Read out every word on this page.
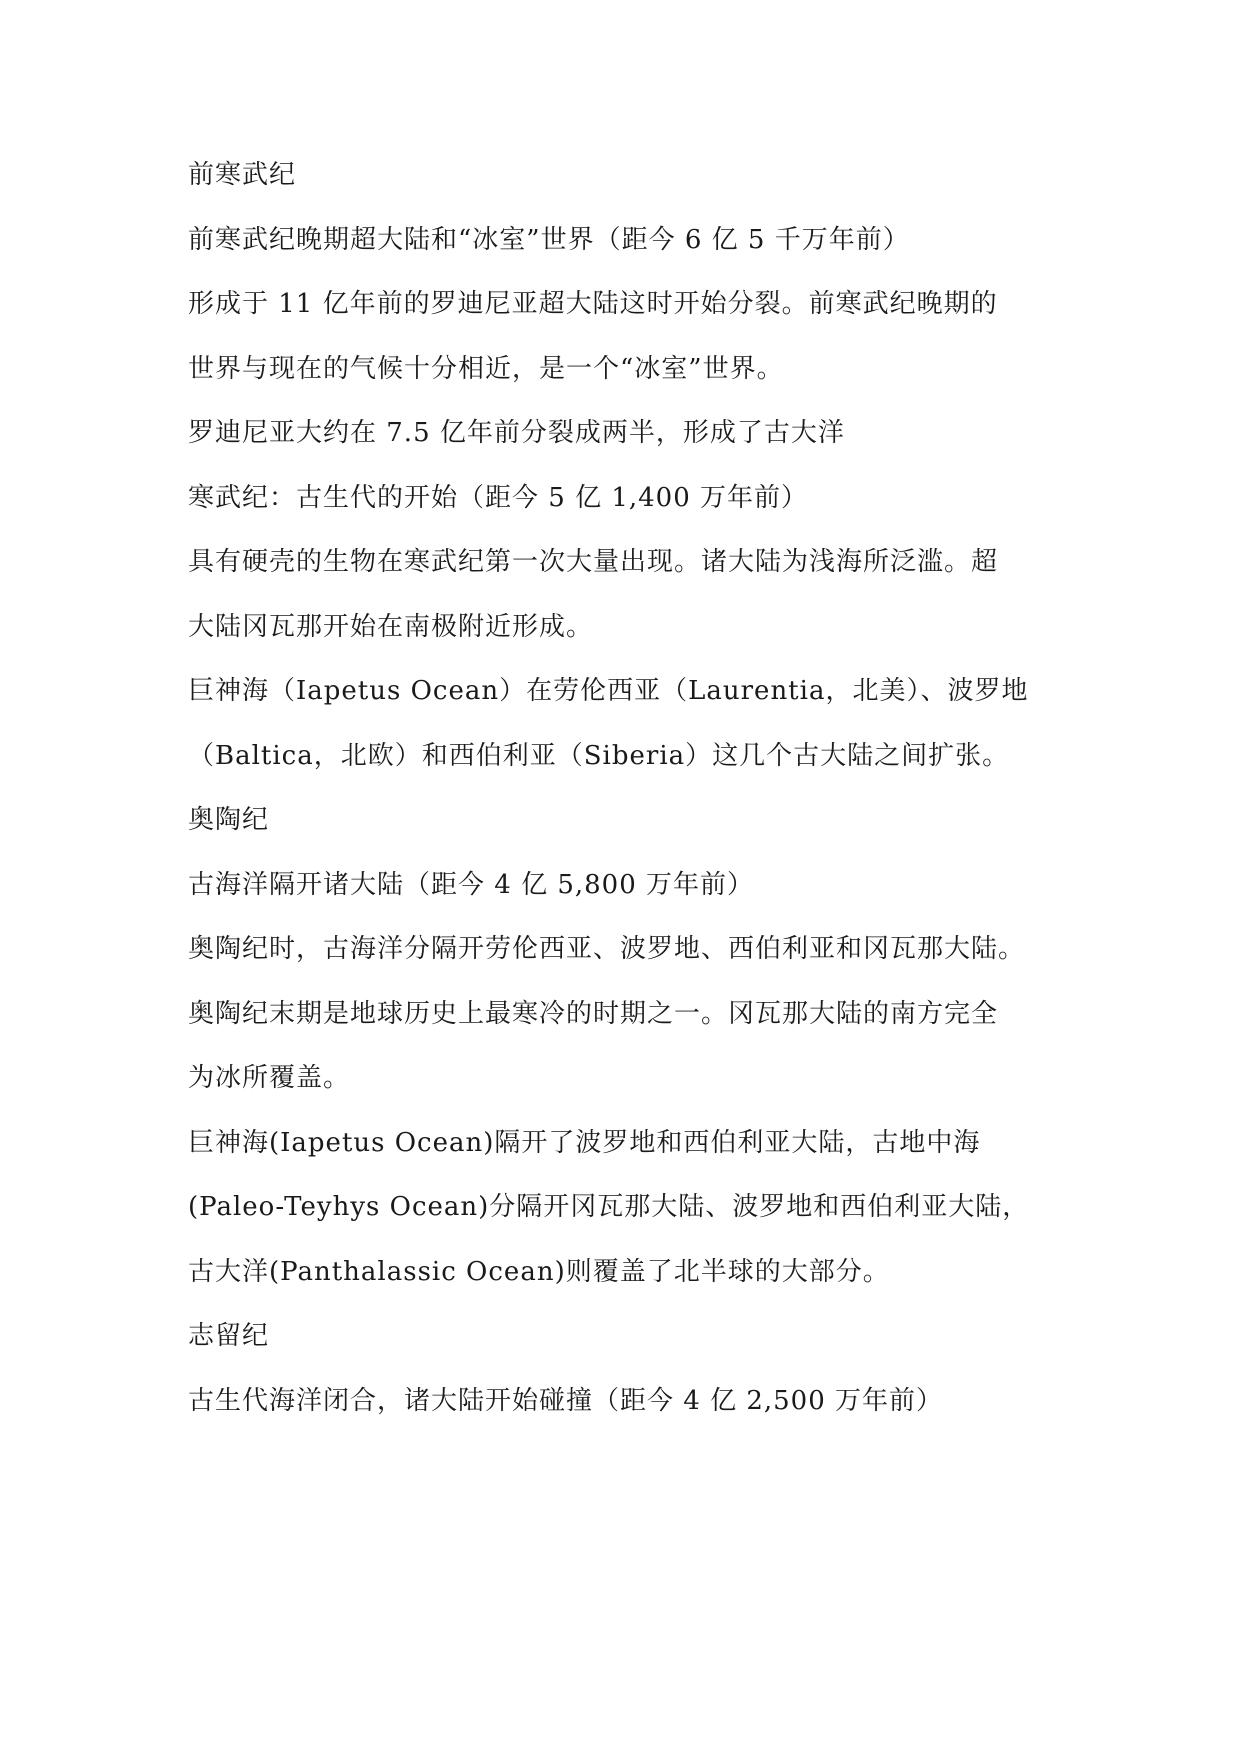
前寒武纪

前寒武纪晚期超大陆和“冰室”世界（距今 6 亿 5 千万年前）

形成于 11 亿年前的罗迪尼亚超大陆这时开始分裂。前寒武纪晚期的

世界与现在的气候十分相近，是一个“冰室”世界。

罗迪尼亚大约在 7.5 亿年前分裂成两半，形成了古大洋

寒武纪：古生代的开始（距今 5 亿 1,400 万年前）

具有硬壳的生物在寒武纪第一次大量出现。诸大陆为浅海所泛滥。超

大陆冈瓦那开始在南极附近形成。

巨神海（Iapetus Ocean）在劳伦西亚（Laurentia，北美）、波罗地

（Baltica，北欧）和西伯利亚（Siberia）这几个古大陆之间扩张。

奥陶纪

古海洋隔开诸大陆（距今 4 亿 5,800 万年前）

奥陶纪时，古海洋分隔开劳伦西亚、波罗地、西伯利亚和冈瓦那大陆。

奥陶纪末期是地球历史上最寒冷的时期之一。冈瓦那大陆的南方完全

为冰所覆盖。

巨神海(Iapetus Ocean)隔开了波罗地和西伯利亚大陆，古地中海

(Paleo-Teyhys Ocean)分隔开冈瓦那大陆、波罗地和西伯利亚大陆，

古大洋(Panthalassic Ocean)则覆盖了北半球的大部分。

志留纪

古生代海洋闭合，诸大陆开始碰撞（距今 4 亿 2,500 万年前）
